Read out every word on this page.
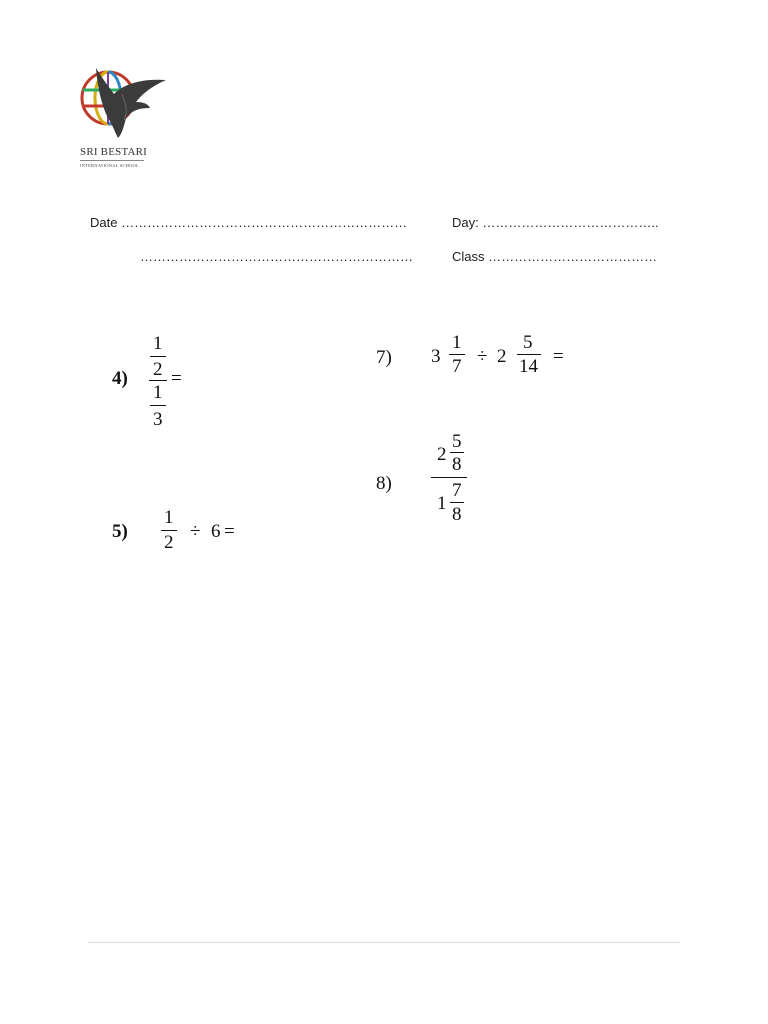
SRI BESTARI
INTERNATIONAL SCHOOL
Date …………………………………………………………
………………………………………………………
Day: …………………………………..
Class …………………………………
4)
1
2 =
1
3
5)
1
2
÷ 6 =
7) 3
1
7 ÷ 2
5
14 =
8)
2
5
8
1
7
8
